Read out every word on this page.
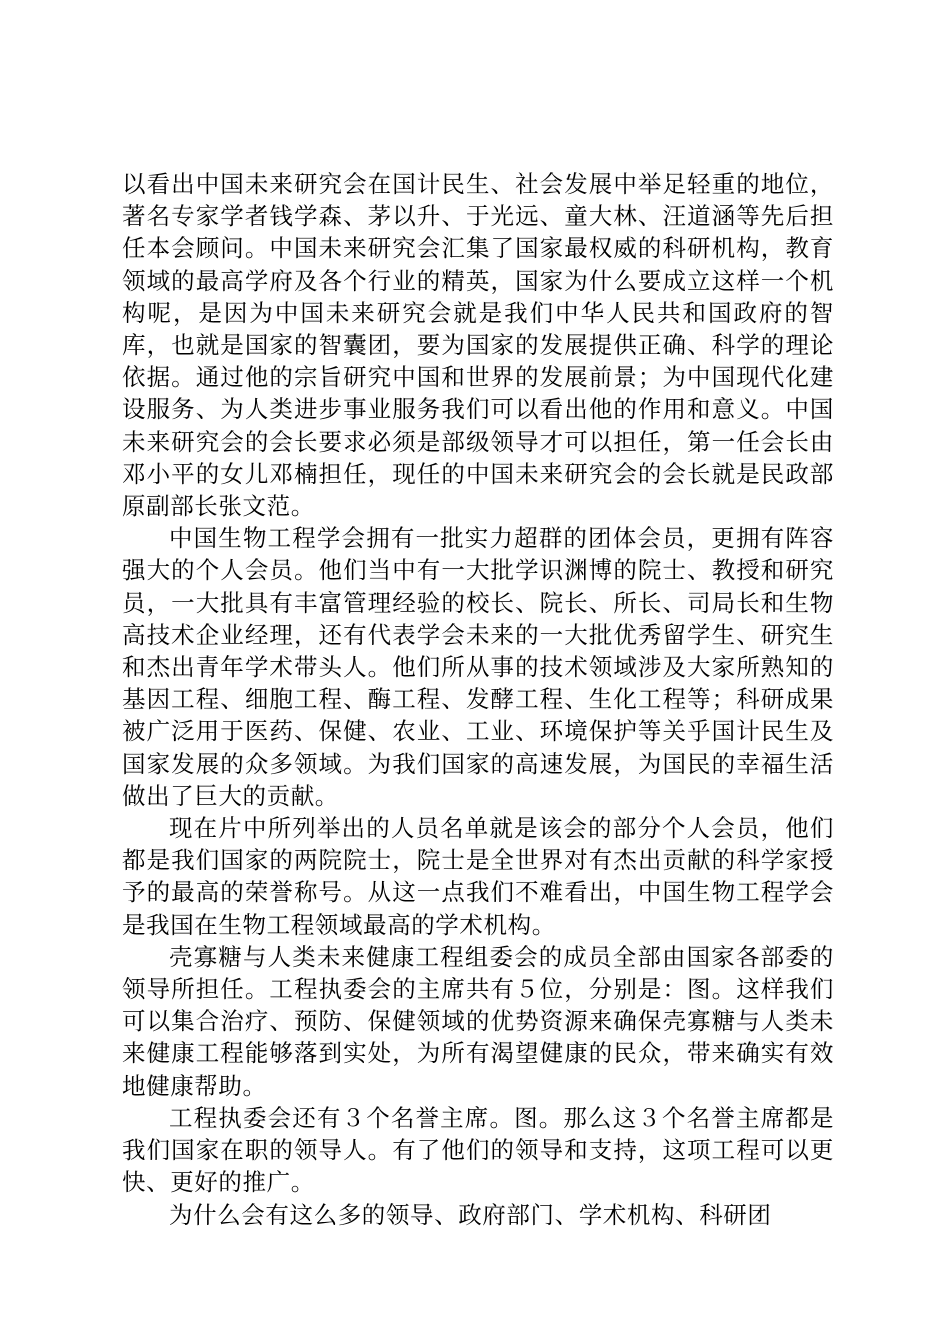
以看出中国未来研究会在国计民生、社会发展中举足轻重的地位，著名专家学者钱学森、茅以升、于光远、童大林、汪道涵等先后担任本会顾问。中国未来研究会汇集了国家最权威的科研机构，教育领域的最高学府及各个行业的精英，国家为什么要成立这样一个机构呢，是因为中国未来研究会就是我们中华人民共和国政府的智库，也就是国家的智囊团，要为国家的发展提供正确、科学的理论依据。通过他的宗旨研究中国和世界的发展前景；为中国现代化建设服务、为人类进步事业服务我们可以看出他的作用和意义。中国未来研究会的会长要求必须是部级领导才可以担任，第一任会长由邓小平的女儿邓楠担任，现任的中国未来研究会的会长就是民政部原副部长张文范。

中国生物工程学会拥有一批实力超群的团体会员，更拥有阵容强大的个人会员。他们当中有一大批学识渊博的院士、教授和研究员，一大批具有丰富管理经验的校长、院长、所长、司局长和生物高技术企业经理，还有代表学会未来的一大批优秀留学生、研究生和杰出青年学术带头人。他们所从事的技术领域涉及大家所熟知的基因工程、细胞工程、酶工程、发酵工程、生化工程等；科研成果被广泛用于医药、保健、农业、工业、环境保护等关乎国计民生及国家发展的众多领域。为我们国家的高速发展，为国民的幸福生活做出了巨大的贡献。

现在片中所列举出的人员名单就是该会的部分个人会员，他们都是我们国家的两院院士，院士是全世界对有杰出贡献的科学家授予的最高的荣誉称号。从这一点我们不难看出，中国生物工程学会是我国在生物工程领域最高的学术机构。

壳寡糖与人类未来健康工程组委会的成员全部由国家各部委的领导所担任。工程执委会的主席共有５位，分别是：图。这样我们可以集合治疗、预防、保健领域的优势资源来确保壳寡糖与人类未来健康工程能够落到实处，为所有渴望健康的民众，带来确实有效地健康帮助。

工程执委会还有３个名誉主席。图。那么这３个名誉主席都是我们国家在职的领导人。有了他们的领导和支持，这项工程可以更快、更好的推广。

为什么会有这么多的领导、政府部门、学术机构、科研团
